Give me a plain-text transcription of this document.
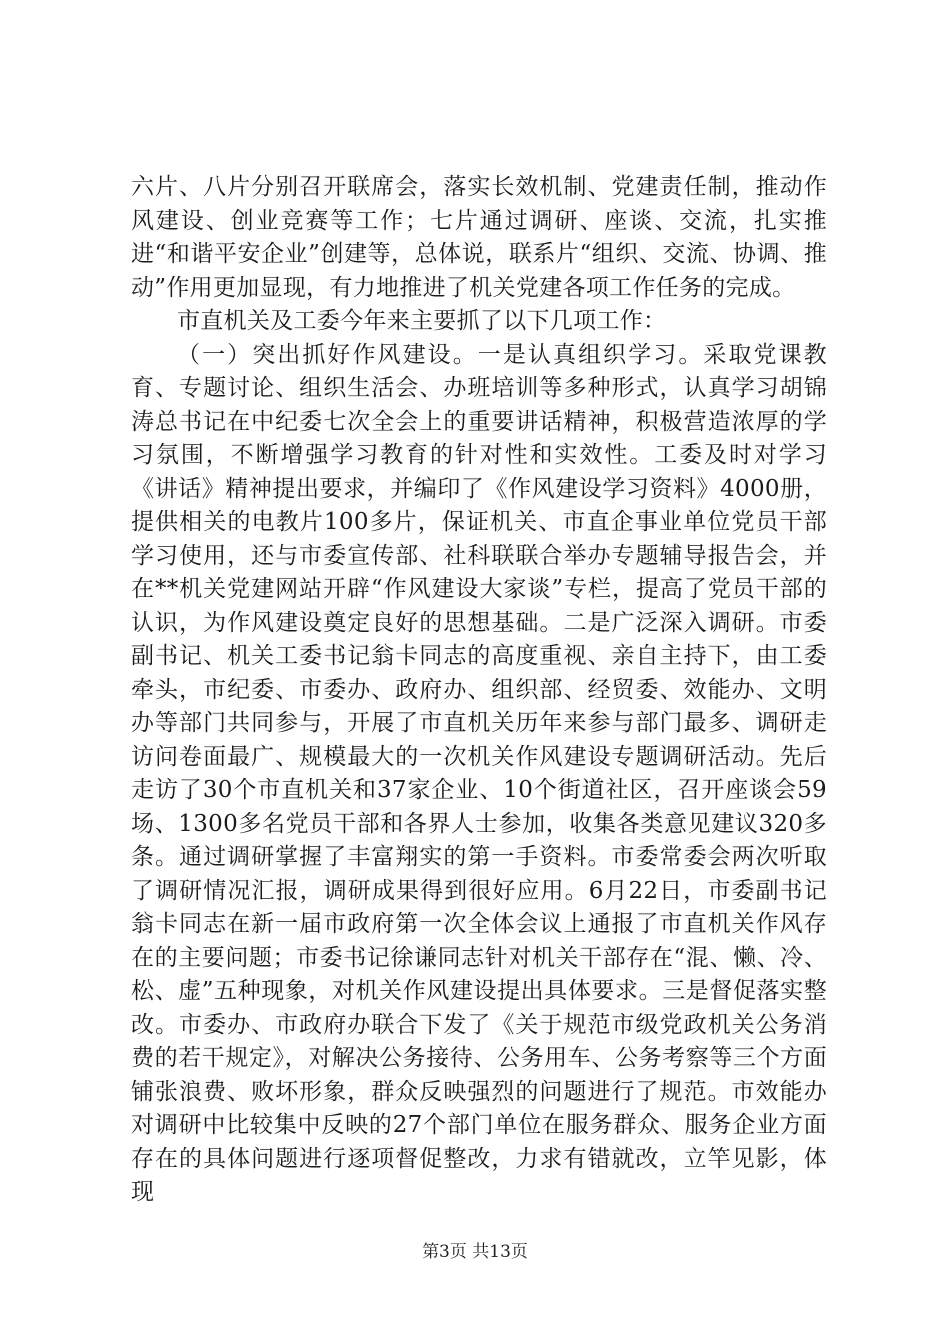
六片、八片分别召开联席会，落实长效机制、党建责任制，推动作风建设、创业竞赛等工作；七片通过调研、座谈、交流，扎实推进“和谐平安企业”创建等，总体说，联系片“组织、交流、协调、推动”作用更加显现，有力地推进了机关党建各项工作任务的完成。

市直机关及工委今年来主要抓了以下几项工作：

（一）突出抓好作风建设。一是认真组织学习。采取党课教育、专题讨论、组织生活会、办班培训等多种形式，认真学习胡锦涛总书记在中纪委七次全会上的重要讲话精神，积极营造浓厚的学习氛围，不断增强学习教育的针对性和实效性。工委及时对学习《讲话》精神提出要求，并编印了《作风建设学习资料》4000册，提供相关的电教片100多片，保证机关、市直企事业单位党员干部学习使用，还与市委宣传部、社科联联合举办专题辅导报告会，并在**机关党建网站开辟“作风建设大家谈”专栏，提高了党员干部的认识，为作风建设奠定良好的思想基础。二是广泛深入调研。市委副书记、机关工委书记翁卡同志的高度重视、亲自主持下，由工委牵头，市纪委、市委办、政府办、组织部、经贸委、效能办、文明办等部门共同参与，开展了市直机关历年来参与部门最多、调研走访问卷面最广、规模最大的一次机关作风建设专题调研活动。先后走访了30个市直机关和37家企业、10个街道社区，召开座谈会59场、1300多名党员干部和各界人士参加，收集各类意见建议320多条。通过调研掌握了丰富翔实的第一手资料。市委常委会两次听取了调研情况汇报，调研成果得到很好应用。6月22日，市委副书记翁卡同志在新一届市政府第一次全体会议上通报了市直机关作风存在的主要问题；市委书记徐谦同志针对机关干部存在“混、懒、冷、松、虚”五种现象，对机关作风建设提出具体要求。三是督促落实整改。市委办、市政府办联合下发了《关于规范市级党政机关公务消费的若干规定》，对解决公务接待、公务用车、公务考察等三个方面铺张浪费、败坏形象，群众反映强烈的问题进行了规范。市效能办对调研中比较集中反映的27个部门单位在服务群众、服务企业方面存在的具体问题进行逐项督促整改，力求有错就改，立竿见影，体现

第3页 共13页
